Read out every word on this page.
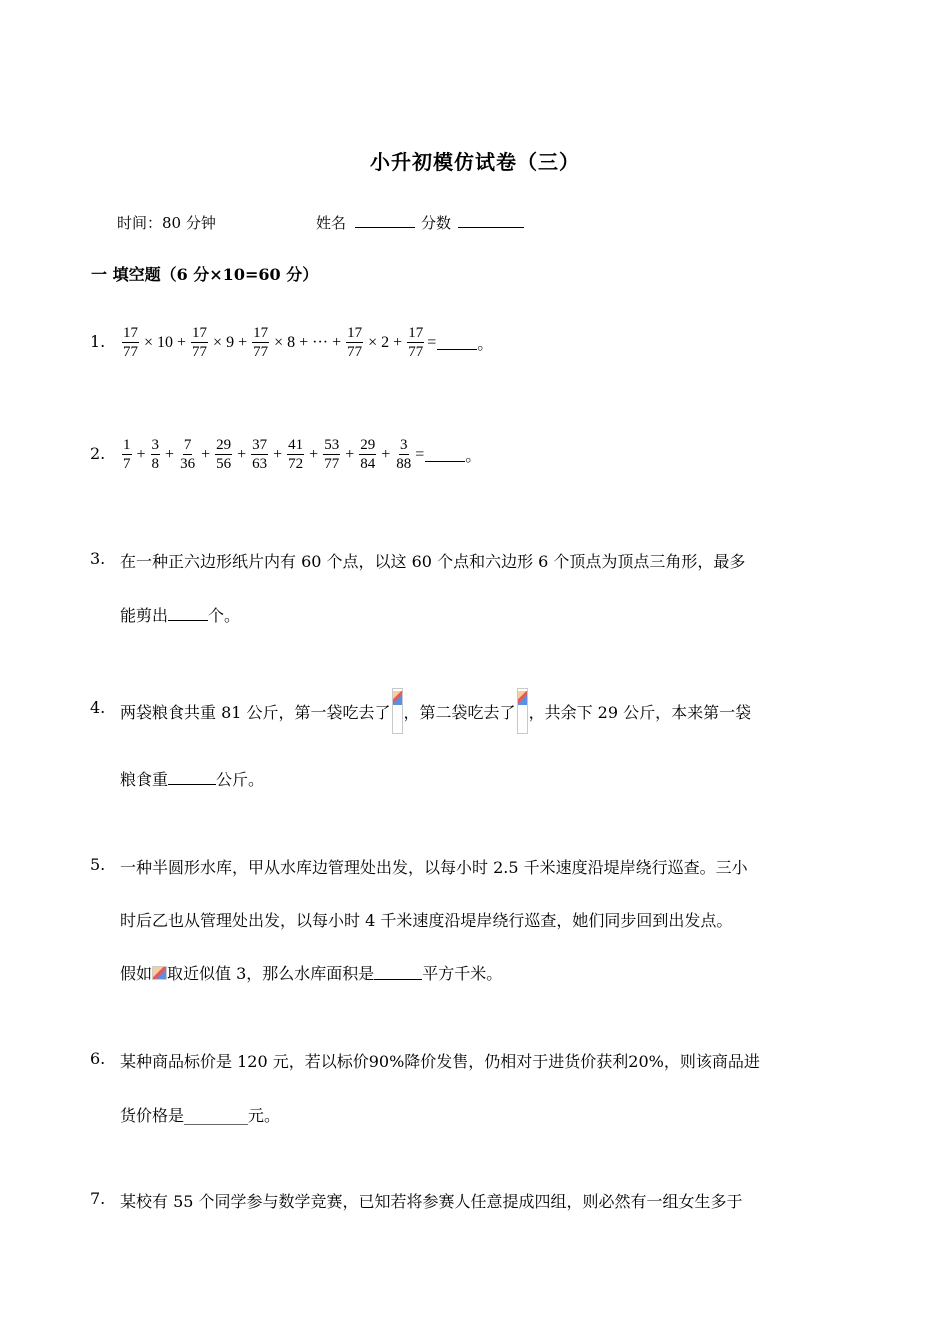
小升初模仿试卷（三）
时间：80 分钟	姓名	分数
一 填空题（6 分×10=60 分）
1. $\frac{17}{77} \times 10 + \frac{17}{77} \times 9 + \frac{17}{77} \times 8$ + ··· + $\frac{17}{77} \times 2 + \frac{17}{77}$ =	。
2. $\frac{1}{7} + \frac{3}{8} + \frac{7}{36} + \frac{29}{56} + \frac{37}{63} + \frac{41}{72} + \frac{53}{77} + \frac{29}{84} + \frac{3}{88}$ =	。
3. 在一种正六边形纸片内有 60 个点，以这 60 个点和六边形 6 个顶点为顶点三角形，最多
能剪出	个。
4. 两袋粮食共重 81 公斤，第一袋吃去了 ，第二袋吃去了 ，共余下 29 公斤，本来第一袋
粮食重	公斤。
5. 一种半圆形水库，甲从水库边管理处出发，以每小时 2.5 千米速度沿堤岸绕行巡查。三小
时后乙也从管理处出发，以每小时 4 千米速度沿堤岸绕行巡查，她们同步回到出发点。
假如 取近似值 3，那么水库面积是	平方千米。
6. 某种商品标价是 120 元，若以标价90%降价发售，仍相对于进货价获利20%，则该商品进
货价格是________元。
7. 某校有 55 个同学参与数学竞赛，已知若将参赛人任意提成四组，则必然有一组女生多于
